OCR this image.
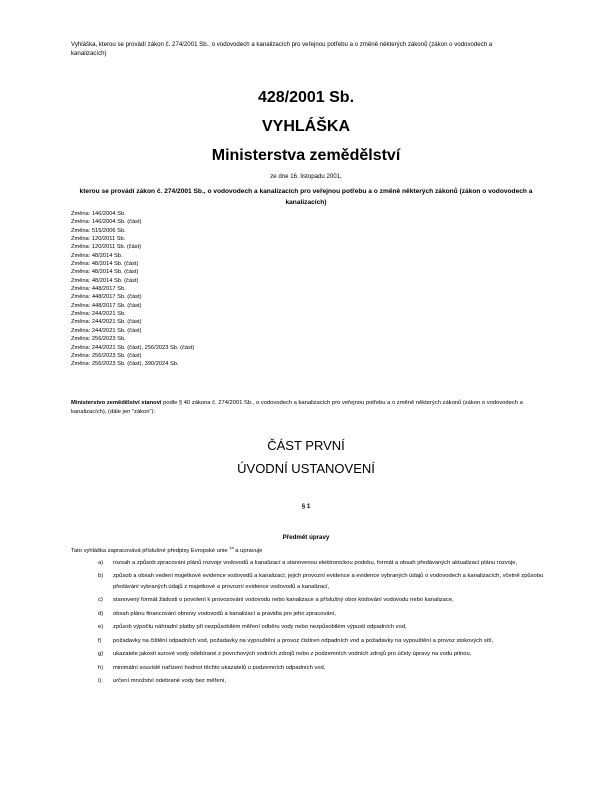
Vyhláška, kterou se provádí zákon č. 274/2001 Sb., o vodovodech a kanalizacích pro veřejnou potřebu a o změně některých zákonů (zákon o vodovodech a kanalizacích)
428/2001 Sb.
VYHLÁŠKA
Ministerstva zemědělství
ze dne 16. listopadu 2001,
kterou se provádí zákon č. 274/2001 Sb., o vodovodech a kanalizacích pro veřejnou potřebu a o změně některých zákonů (zákon o vodovodech a kanalizacích)
Změna: 146/2004 Sb.
Změna: 146/2004 Sb. (část)
Změna: 515/2006 Sb.
Změna: 120/2011 Sb.
Změna: 120/2011 Sb. (část)
Změna: 48/2014 Sb.
Změna: 48/2014 Sb. (část)
Změna: 48/2014 Sb. (část)
Změna: 48/2014 Sb. (část)
Změna: 448/2017 Sb.
Změna: 448/2017 Sb. (část)
Změna: 448/2017 Sb. (část)
Změna: 244/2021 Sb.
Změna: 244/2021 Sb. (část)
Změna: 244/2021 Sb. (část)
Změna: 256/2023 Sb.
Změna: 244/2021 Sb. (část), 256/2023 Sb. (část)
Změna: 256/2023 Sb. (část)
Změna: 256/2023 Sb. (část), 390/2024 Sb.
Ministerstvo zemědělství stanoví podle § 40 zákona č. 274/2001 Sb., o vodovodech a kanalizacích pro veřejnou potřebu a o změně některých zákonů (zákon o vodovodech a kanalizacích), (dále jen "zákon"):
ČÁST PRVNÍ
ÚVODNÍ USTANOVENÍ
§ 1
Předmět úpravy
Tato vyhláška zapracovává příslušné předpisy Evropské unie $^{1a}$ a upravuje
a) rozsah a způsob zpracování plánů rozvoje vodovodů a kanalizací a stanovenou elektronickou podobu, formát a obsah předávaných aktualizací plánu rozvoje,
b) způsob a obsah vedení majetkové evidence vodovodů a kanalizací, jejich provozní evidence a evidence vybraných údajů o vodovodech a kanalizacích, včetně způsobu předávání vybraných údajů z majetkové a provozní evidence vodovodů a kanalizací,
c) stanovený formát žádosti o povolení k provozování vodovodu nebo kanalizace a příslušný obor kódování vodovodu nebo kanalizace,
d) obsah plánu financování obnovy vodovodů a kanalizací a pravidla pro jeho zpracování,
e) způsob výpočtu náhradní platby při nezpůsobilém měření odběru vody nebo nezpůsobilém výpustí odpadních vod,
f) požadavky na čištění odpadních vod, požadavky na vypouštění a provoz čistíren odpadních vod a požadavky na vypouštění a provoz stokových sítí,
g) ukazatele jakosti surové vody odebírané z povrchových vodních zdrojů nebo z podzemních vodních zdrojů pro účely úpravy na vodu pitnou,
h) minimální souvislé nařízení hodnot těchto ukazatelů u podzemních odpadních vod,
i) určení množství odebrané vody bez měření,
